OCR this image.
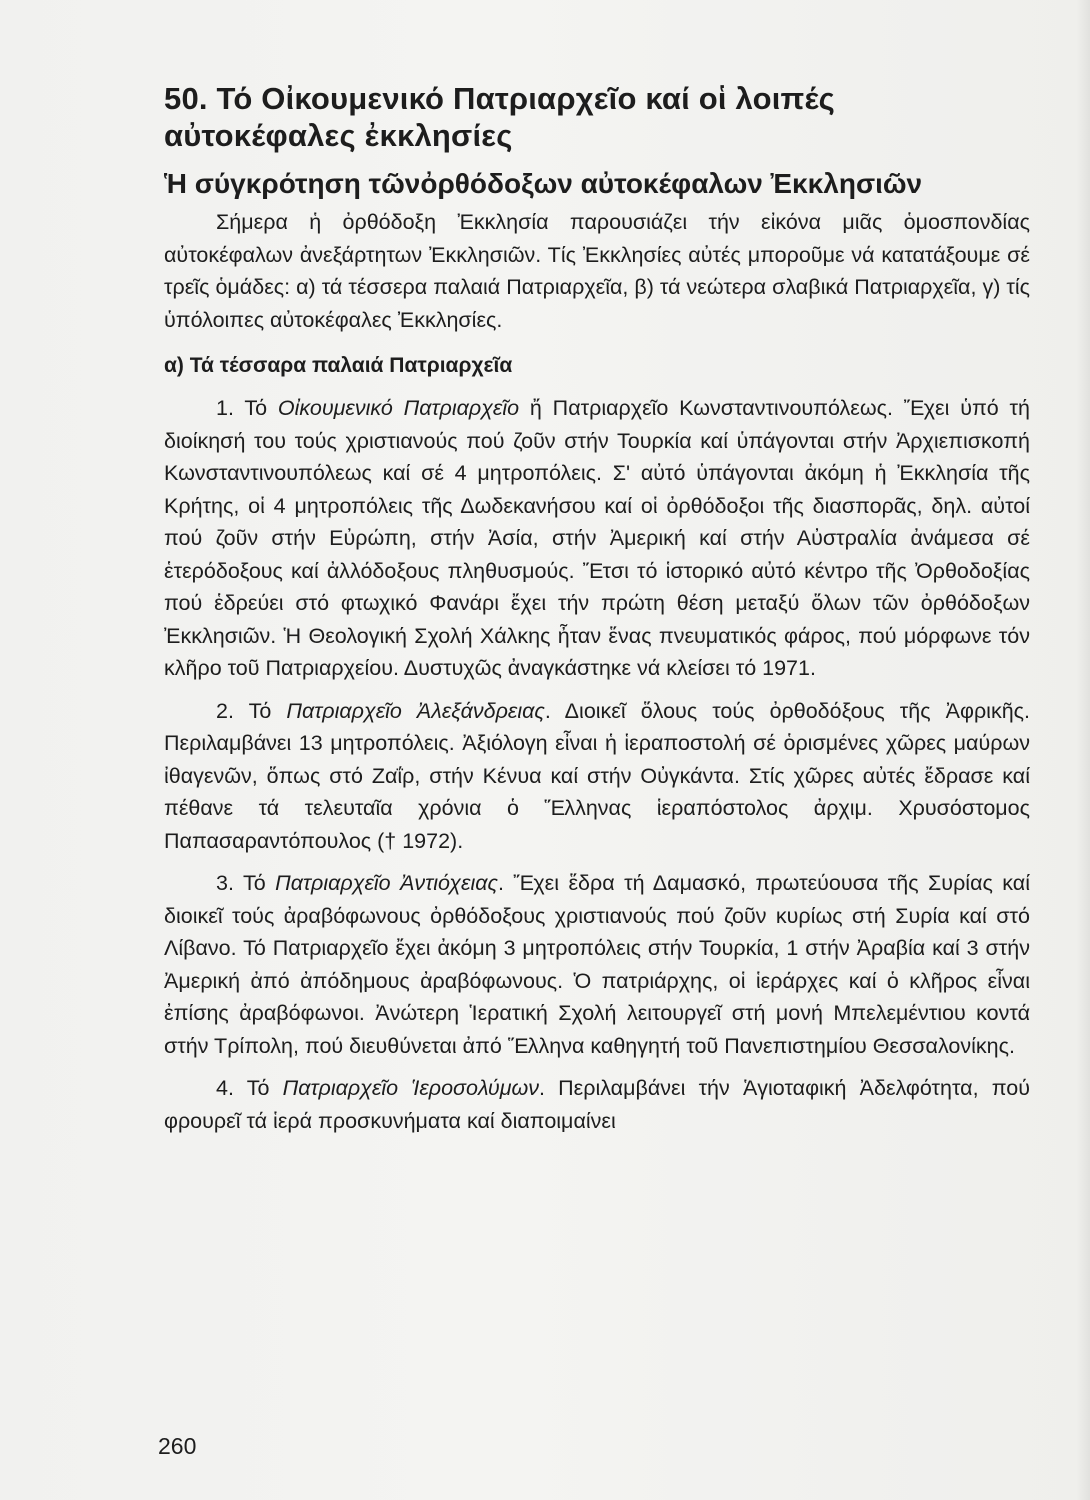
50. Τό Οἰκουμενικό Πατριαρχεῖο καί οἱ λοιπές αὐτοκέφαλες ἐκκλησίες
Ἡ σύγκρότηση τῶνὀρθόδοξων αὐτοκέφαλων Ἐκκλησιῶν

Σήμερα ἡ ὀρθόδοξη Ἐκκλησία παρουσιάζει τήν εἰκόνα μιᾶς ὁμοσπονδίας αὐτοκέφαλων ἀνεξάρτητων Ἐκκλησιῶν. Τίς Ἐκκλησίες αὐτές μποροῦμε νά κατατάξουμε σέ τρεῖς ὁμάδες: α) τά τέσσερα παλαιά Πατριαρχεῖα, β) τά νεώτερα σλαβικά Πατριαρχεῖα, γ) τίς ὑπόλοιπες αὐτοκέφαλες Ἐκκλησίες.

α) Τά τέσσαρα παλαιά Πατριαρχεῖα

1. Τό Οἰκουμενικό Πατριαρχεῖο ἤ Πατριαρχεῖο Κωνσταντινουπόλεως. Ἔχει ὑπό τή διοίκησή του τούς χριστιανούς πού ζοῦν στήν Τουρκία καί ὑπάγονται στήν Ἀρχιεπισκοπή Κωνσταντινουπόλεως καί σέ 4 μητροπόλεις. Σ' αὐτό ὑπάγονται ἀκόμη ἡ Ἐκκλησία τῆς Κρήτης, οἱ 4 μητροπόλεις τῆς Δωδεκανήσου καί οἱ ὀρθόδοξοι τῆς διασπορᾶς, δηλ. αὐτοί πού ζοῦν στήν Εὐρώπη, στήν Ἀσία, στήν Ἀμερική καί στήν Αὐστραλία ἀνάμεσα σέ ἑτερόδοξους καί ἀλλόδοξους πληθυσμούς. Ἔτσι τό ἱστορικό αὐτό κέντρο τῆς Ὀρθοδοξίας πού ἑδρεύει στό φτωχικό Φανάρι ἔχει τήν πρώτη θέση μεταξύ ὅλων τῶν ὀρθόδοξων Ἐκκλησιῶν. Ἡ Θεολογική Σχολή Χάλκης ἦταν ἕνας πνευματικός φάρος, πού μόρφωνε τόν κλῆρο τοῦ Πατριαρχείου. Δυστυχῶς ἀναγκάστηκε νά κλείσει τό 1971.

2. Τό Πατριαρχεῖο Ἀλεξάνδρειας. Διοικεῖ ὅλους τούς ὀρθοδόξους τῆς Ἀφρικῆς. Περιλαμβάνει 13 μητροπόλεις. Ἀξιόλογη εἶναι ἡ ἱεραποστολή σέ ὁρισμένες χῶρες μαύρων ἰθαγενῶν, ὅπως στό Ζαΐρ, στήν Κένυα καί στήν Οὐγκάντα. Στίς χῶρες αὐτές ἔδρασε καί πέθανε τά τελευταῖα χρόνια ὁ Ἕλληνας ἱεραπόστολος ἀρχιμ. Χρυσόστομος Παπασαραντόπουλος († 1972).

3. Τό Πατριαρχεῖο Ἀντιόχειας. Ἔχει ἕδρα τή Δαμασκό, πρωτεύουσα τῆς Συρίας καί διοικεῖ τούς ἀραβόφωνους ὀρθόδοξους χριστιανούς πού ζοῦν κυρίως στή Συρία καί στό Λίβανο. Τό Πατριαρχεῖο ἔχει ἀκόμη 3 μητροπόλεις στήν Τουρκία, 1 στήν Ἀραβία καί 3 στήν Ἀμερική ἀπό ἀπόδημους ἀραβόφωνους. Ὁ πατριάρχης, οἱ ἱεράρχες καί ὁ κλῆρος εἶναι ἐπίσης ἀραβόφωνοι. Ἀνώτερη Ἱερατική Σχολή λειτουργεῖ στή μονή Μπελεμέντιου κοντά στήν Τρίπολη, πού διευθύνεται ἀπό Ἕλληνα καθηγητή τοῦ Πανεπιστημίου Θεσσαλονίκης.

4. Τό Πατριαρχεῖο Ἱεροσολύμων. Περιλαμβάνει τήν Ἁγιοταφική Ἀδελφότητα, πού φρουρεῖ τά ἱερά προσκυνήματα καί διαποιμαίνει

260
